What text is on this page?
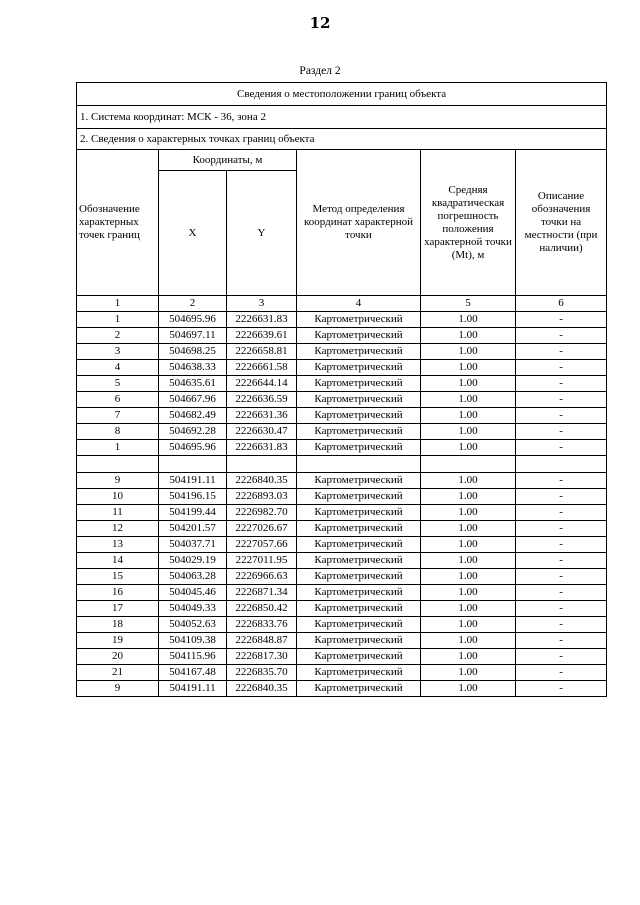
12
Раздел 2
Сведения о местоположении границ объекта					
1. Система координат: МСК - 36, зона 2					
2. Сведения о характерных точках границ объекта					
Обозначение характерных точек границ	Координаты, м		Метод определения координат характерной точки	Средняя квадратическая погрешность положения характерной точки (Mt), м	Описание обозначения точки на местности (при наличии)
	X	Y			
1	2	3	4	5	6
1	504695.96	2226631.83	Картометрический	1.00	-
2	504697.11	2226639.61	Картометрический	1.00	-
3	504698.25	2226658.81	Картометрический	1.00	-
4	504638.33	2226661.58	Картометрический	1.00	-
5	504635.61	2226644.14	Картометрический	1.00	-
6	504667.96	2226636.59	Картометрический	1.00	-
7	504682.49	2226631.36	Картометрический	1.00	-
8	504692.28	2226630.47	Картометрический	1.00	-
1	504695.96	2226631.83	Картометрический	1.00	-

9	504191.11	2226840.35	Картометрический	1.00	-
10	504196.15	2226893.03	Картометрический	1.00	-
11	504199.44	2226982.70	Картометрический	1.00	-
12	504201.57	2227026.67	Картометрический	1.00	-
13	504037.71	2227057.66	Картометрический	1.00	-
14	504029.19	2227011.95	Картометрический	1.00	-
15	504063.28	2226966.63	Картометрический	1.00	-
16	504045.46	2226871.34	Картометрический	1.00	-
17	504049.33	2226850.42	Картометрический	1.00	-
18	504052.63	2226833.76	Картометрический	1.00	-
19	504109.38	2226848.87	Картометрический	1.00	-
20	504115.96	2226817.30	Картометрический	1.00	-
21	504167.48	2226835.70	Картометрический	1.00	-
9	504191.11	2226840.35	Картометрический	1.00	-
